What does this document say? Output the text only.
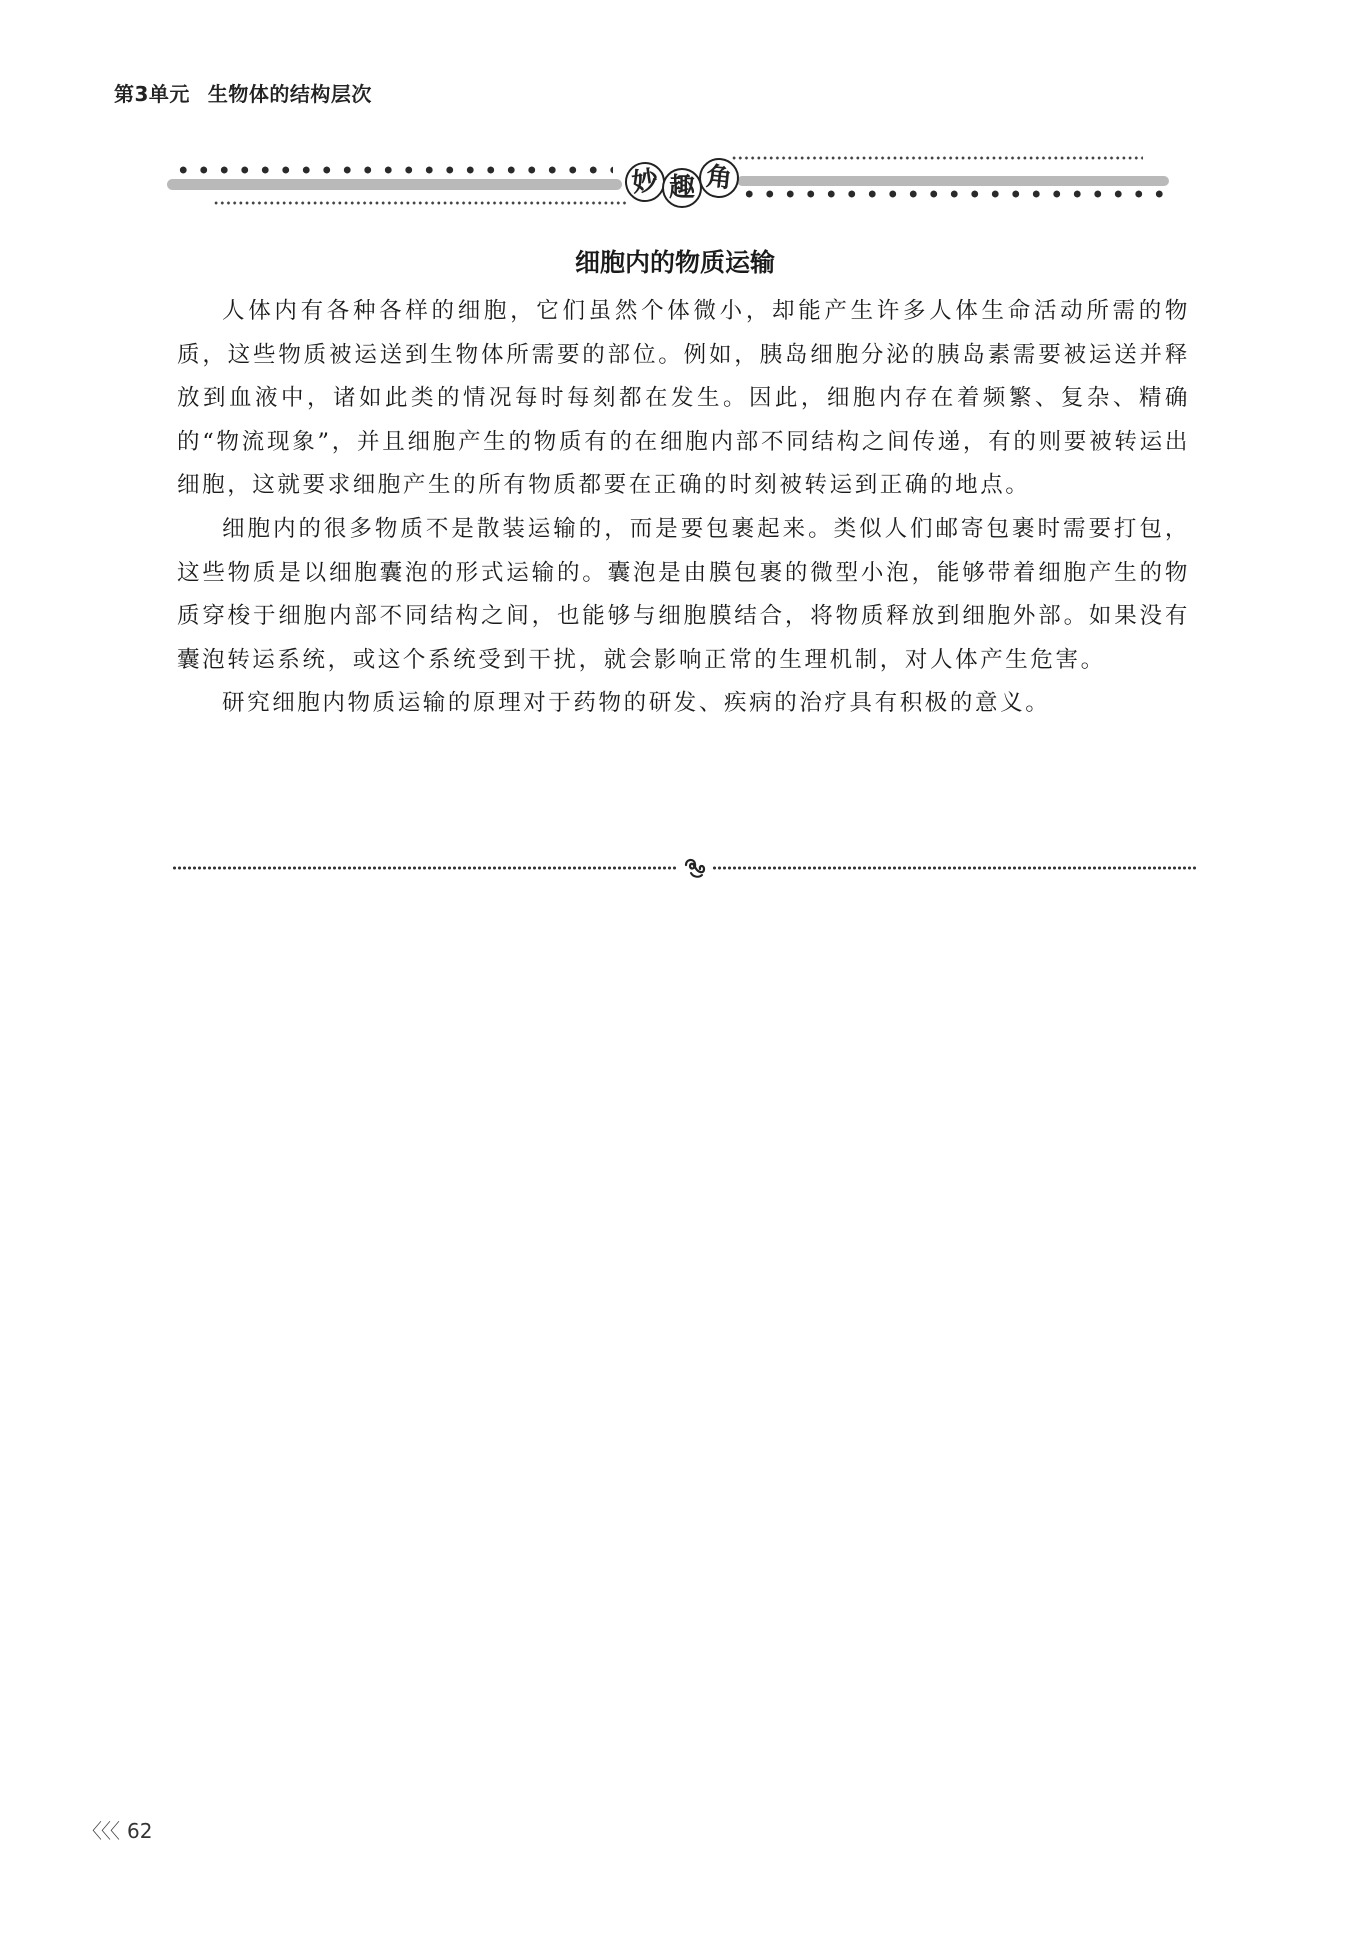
第3单元 生物体的结构层次
妙 趣 角
细胞内的物质运输

人体内有各种各样的细胞，它们虽然个体微小，却能产生许多人体生命活动所需的物质，这些物质被运送到生物体所需要的部位。例如，胰岛细胞分泌的胰岛素需要被运送并释放到血液中，诸如此类的情况每时每刻都在发生。因此，细胞内存在着频繁、复杂、精确的“物流现象”，并且细胞产生的物质有的在细胞内部不同结构之间传递，有的则要被转运出细胞，这就要求细胞产生的所有物质都要在正确的时刻被转运到正确的地点。

细胞内的很多物质不是散装运输的，而是要包裹起来。类似人们邮寄包裹时需要打包，这些物质是以细胞囊泡的形式运输的。囊泡是由膜包裹的微型小泡，能够带着细胞产生的物质穿梭于细胞内部不同结构之间，也能够与细胞膜结合，将物质释放到细胞外部。如果没有囊泡转运系统，或这个系统受到干扰，就会影响正常的生理机制，对人体产生危害。

研究细胞内物质运输的原理对于药物的研发、疾病的治疗具有积极的意义。

〈〈〈 62
